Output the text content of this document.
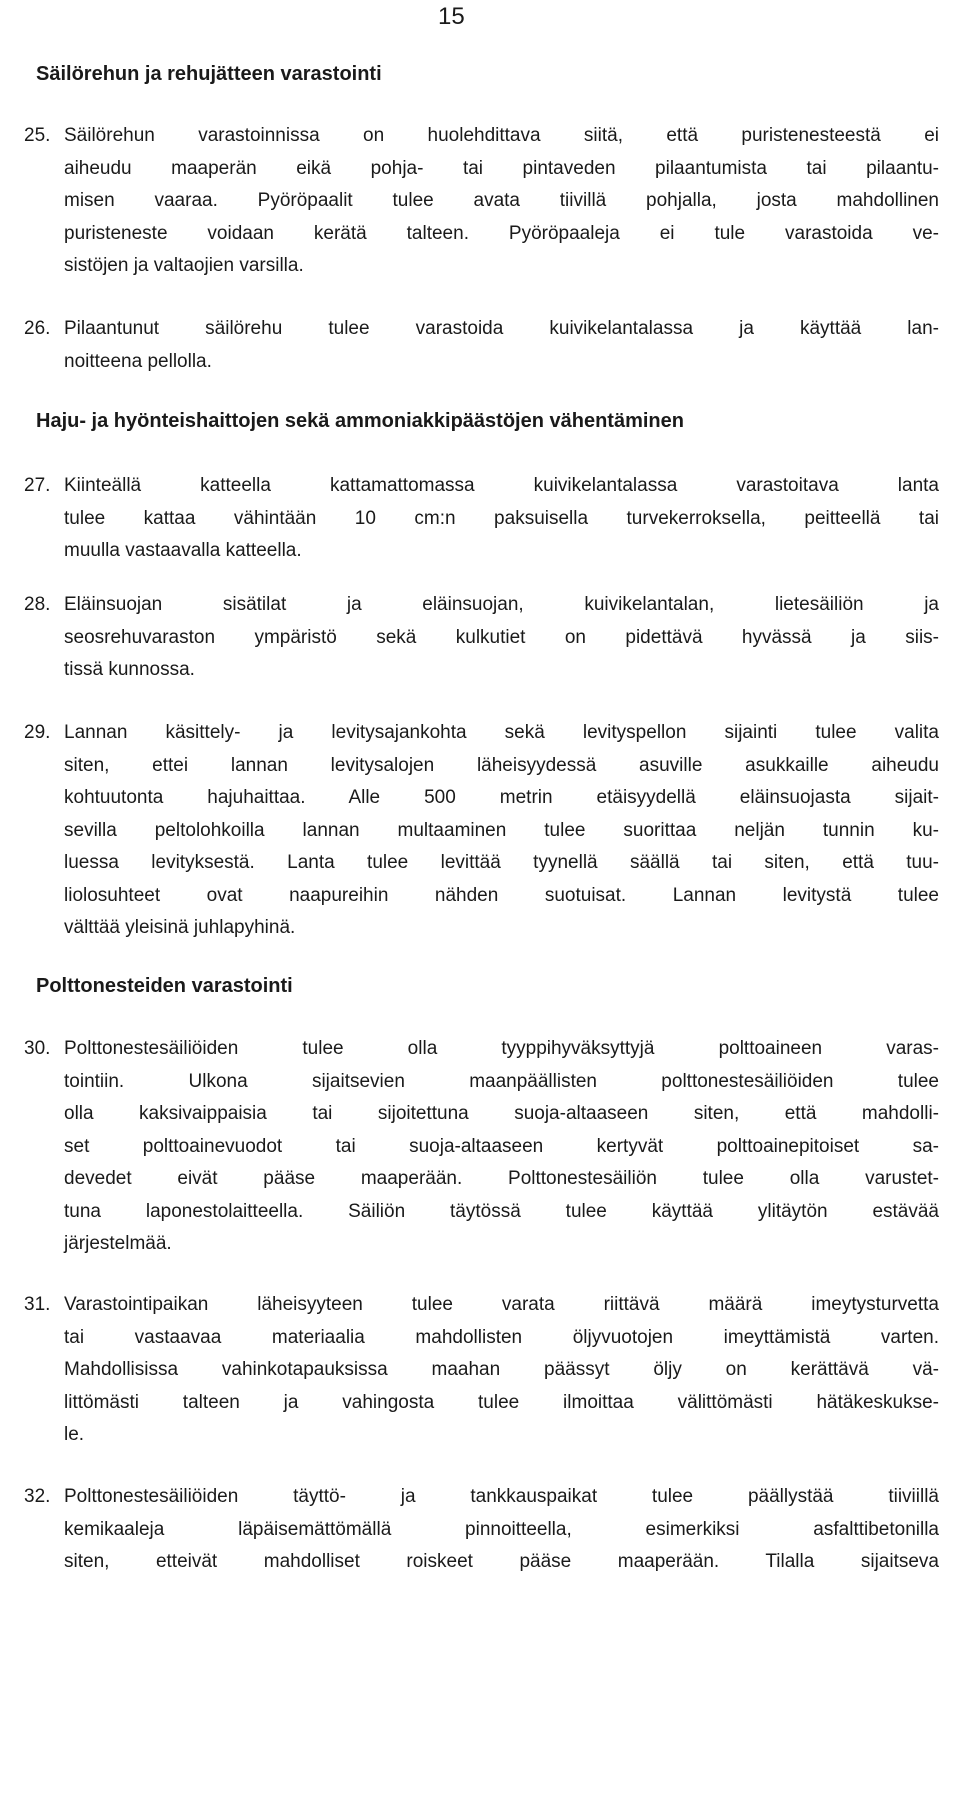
15
Säilörehun ja rehujätteen varastointi
25. Säilörehun varastoinnissa on huolehdittava siitä, että puristenesteestä ei
aiheudu maaperän eikä pohja- tai pintaveden pilaantumista tai pilaantu-
misen vaaraa. Pyöröpaalit tulee avata tiivillä pohjalla, josta mahdollinen
puristeneste voidaan kerätä talteen. Pyöröpaaleja ei tule varastoida ve-
sistöjen ja valtaojien varsilla.
26. Pilaantunut säilörehu tulee varastoida kuivikelantalassa ja käyttää lan-
noitteena pellolla.
Haju- ja hyönteishaittojen sekä ammoniakkipäästöjen vähentäminen
27. Kiinteällä katteella kattamattomassa kuivikelantalassa varastoitava lanta
tulee kattaa vähintään 10 cm:n paksuisella turvekerroksella, peitteellä tai
muulla vastaavalla katteella.
28. Eläinsuojan sisätilat ja eläinsuojan, kuivikelantalan, lietesäiliön ja
seosrehuvaraston ympäristö sekä kulkutiet on pidettävä hyvässä ja siis-
tissä kunnossa.
29. Lannan käsittely- ja levitysajankohta sekä levityspellon sijainti tulee valita
siten, ettei lannan levitysalojen läheisyydessä asuville asukkaille aiheudu
kohtuutonta hajuhaittaa. Alle 500 metrin etäisyydellä eläinsuojasta sijait-
sevilla peltolohkoilla lannan multaaminen tulee suorittaa neljän tunnin ku-
luessa levityksestä. Lanta tulee levittää tyynellä säällä tai siten, että tuu-
liolosuhteet ovat naapureihin nähden suotuisat. Lannan levitystä tulee
välttää yleisinä juhlapyhinä.
Polttonesteiden varastointi
30. Polttonestesäiliöiden tulee olla tyyppihyväksyttyjä polttoaineen varas-
tointiin. Ulkona sijaitsevien maanpäällisten polttonestesäiliöiden tulee
olla kaksivaippaisia tai sijoitettuna suoja-altaaseen siten, että mahdolli-
set polttoainevuodot tai suoja-altaaseen kertyvät polttoainepitoiset sa-
devedet eivät pääse maaperään. Polttonestesäiliön tulee olla varustet-
tuna laponestolaitteella. Säiliön täytössä tulee käyttää ylitäytön estävää
järjestelmää.
31. Varastointipaikan läheisyyteen tulee varata riittävä määrä imeytysturvetta
tai vastaavaa materiaalia mahdollisten öljyvuotojen imeyttämistä varten.
Mahdollisissa vahinkotapauksissa maahan päässyt öljy on kerättävä vä-
littömästi talteen ja vahingosta tulee ilmoittaa välittömästi hätäkeskukse-
le.
32. Polttonestesäiliöiden täyttö- ja tankkauspaikat tulee päällystää tiiviillä
kemikaaleja läpäisemättömällä pinnoitteella, esimerkiksi asfalttibetonilla
siten, etteivät mahdolliset roiskeet pääse maaperään. Tilalla sijaitseva
